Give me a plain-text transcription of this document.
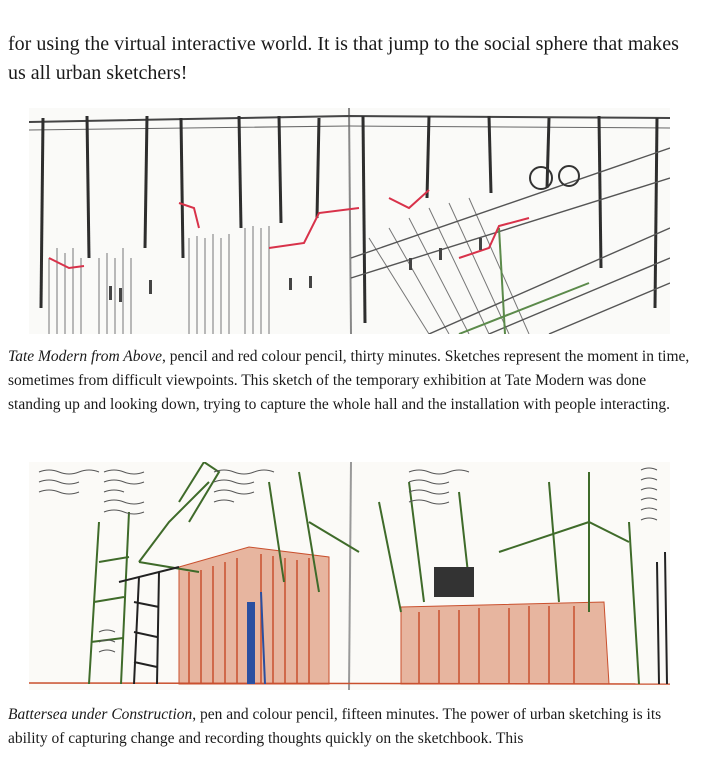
for using the virtual interactive world. It is that jump to the social sphere that makes us all urban sketchers!

Tate Modern from Above, pencil and red colour pencil, thirty minutes. Sketches represent the moment in time, sometimes from difficult viewpoints. This sketch of the temporary exhibition at Tate Modern was done standing up and looking down, trying to capture the whole hall and the installation with people interacting.

Battersea under Construction, pen and colour pencil, fifteen minutes. The power of urban sketching is its ability of capturing change and recording thoughts quickly on the sketchbook. This
